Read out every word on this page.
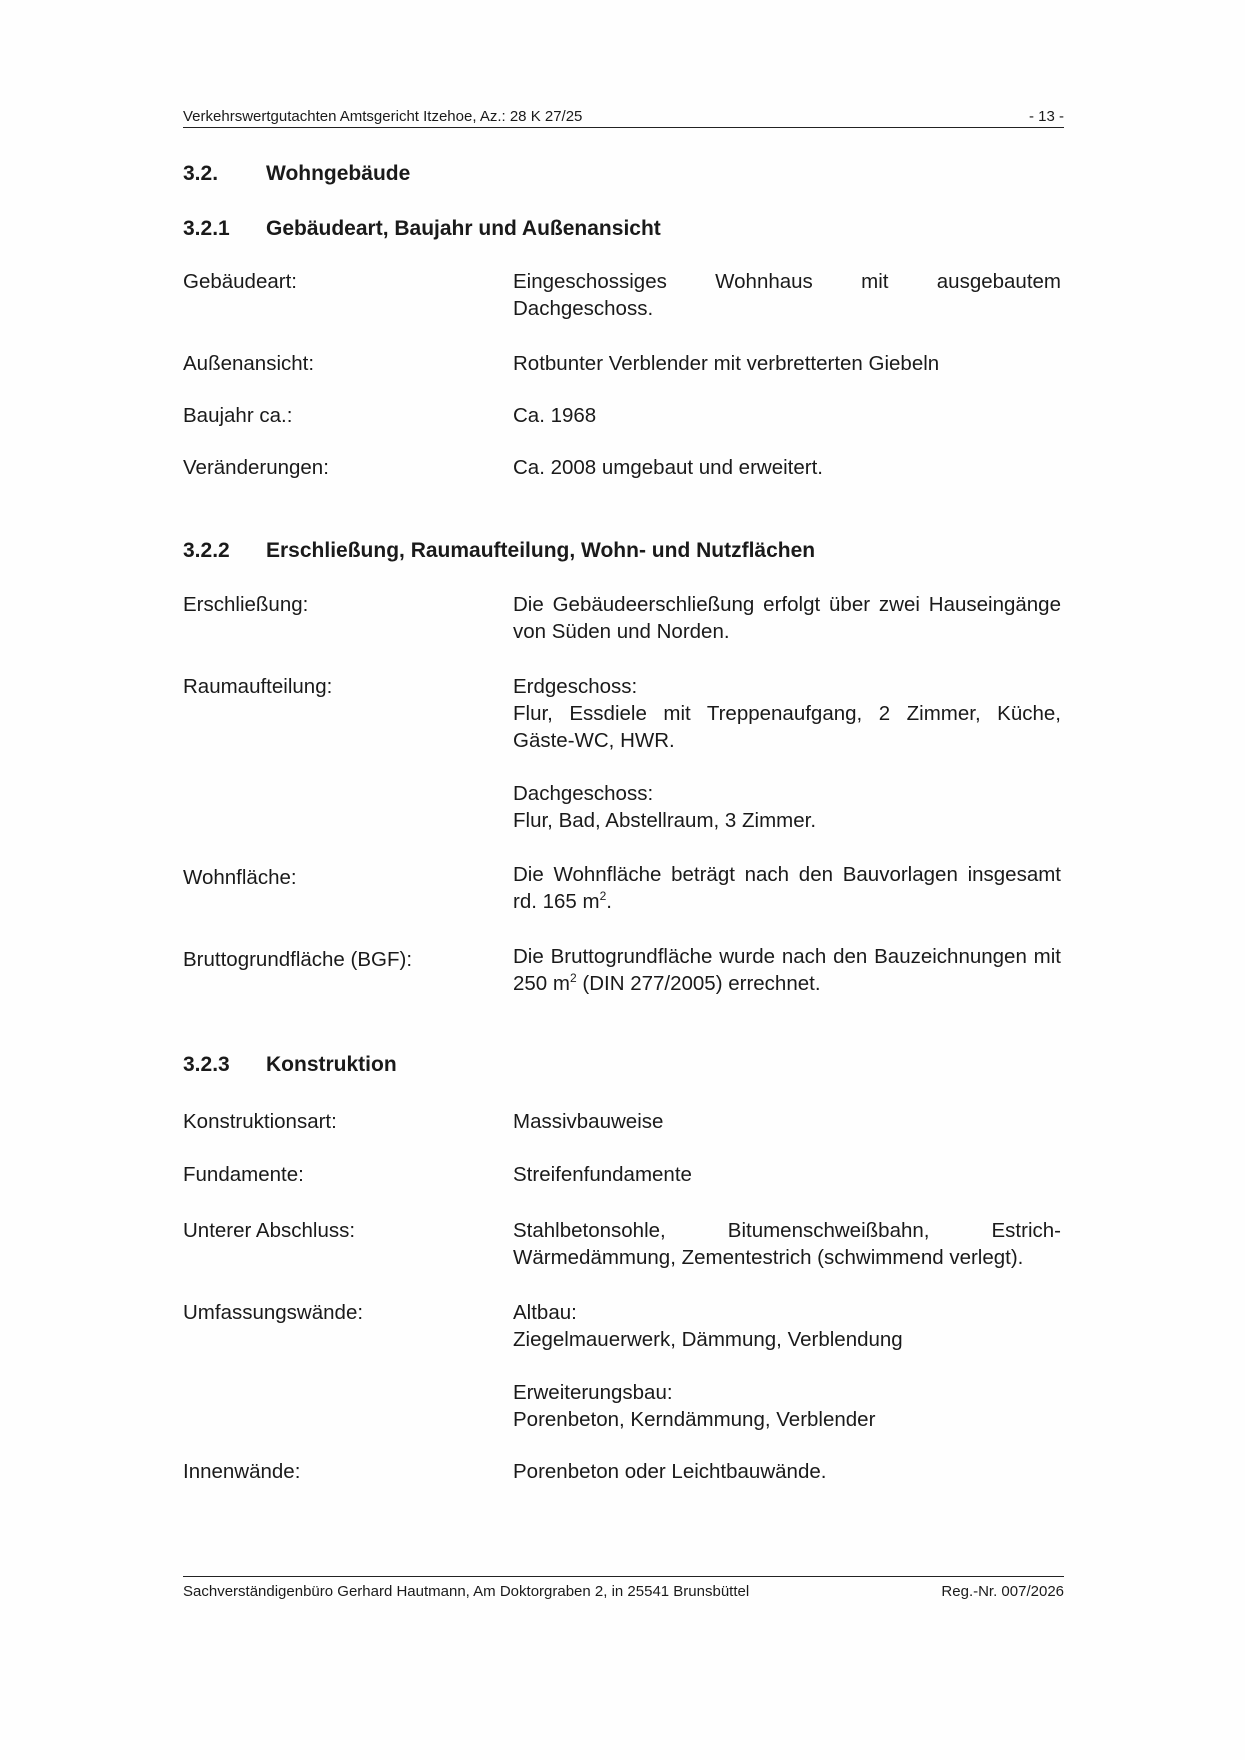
Verkehrswertgutachten Amtsgericht Itzehoe, Az.: 28 K 27/25	- 13 -
3.2. Wohngebäude
3.2.1 Gebäudeart, Baujahr und Außenansicht
Gebäudeart:	Eingeschossiges Wohnhaus mit ausgebautem
Dachgeschoss.
Außenansicht:	Rotbunter Verblender mit verbretterten Giebeln
Baujahr ca.:	Ca. 1968
Veränderungen:	Ca. 2008 umgebaut und erweitert.
3.2.2 Erschließung, Raumaufteilung, Wohn- und Nutzflächen
Erschließung:	Die Gebäudeerschließung erfolgt über zwei Hauseingänge von Süden und Norden.
Raumaufteilung:	Erdgeschoss:
Flur, Essdiele mit Treppenaufgang, 2 Zimmer, Küche, Gäste-WC, HWR.
Dachgeschoss:
Flur, Bad, Abstellraum, 3 Zimmer.
Wohnfläche:	Die Wohnfläche beträgt nach den Bauvorlagen insgesamt rd. 165 $m^2$.
Bruttogrundfläche (BGF):	Die Bruttogrundfläche wurde nach den Bauzeichnungen mit 250 $m^2$ (DIN 277/2005) errechnet.
3.2.3 Konstruktion
Konstruktionsart:	Massivbauweise
Fundamente:	Streifenfundamente
Unterer Abschluss:	Stahlbetonsohle, Bitumenschweißbahn, Estrich-
Wärmedämmung, Zementestrich (schwimmend verlegt).
Umfassungswände:	Altbau:
Ziegelmauerwerk, Dämmung, Verblendung
Erweiterungsbau:
Porenbeton, Kerndämmung, Verblender
Innenwände:	Porenbeton oder Leichtbauwände.
Sachverständigenbüro Gerhard Hautmann, Am Doktorgraben 2, in 25541 Brunsbüttel	Reg.-Nr. 007/2026
